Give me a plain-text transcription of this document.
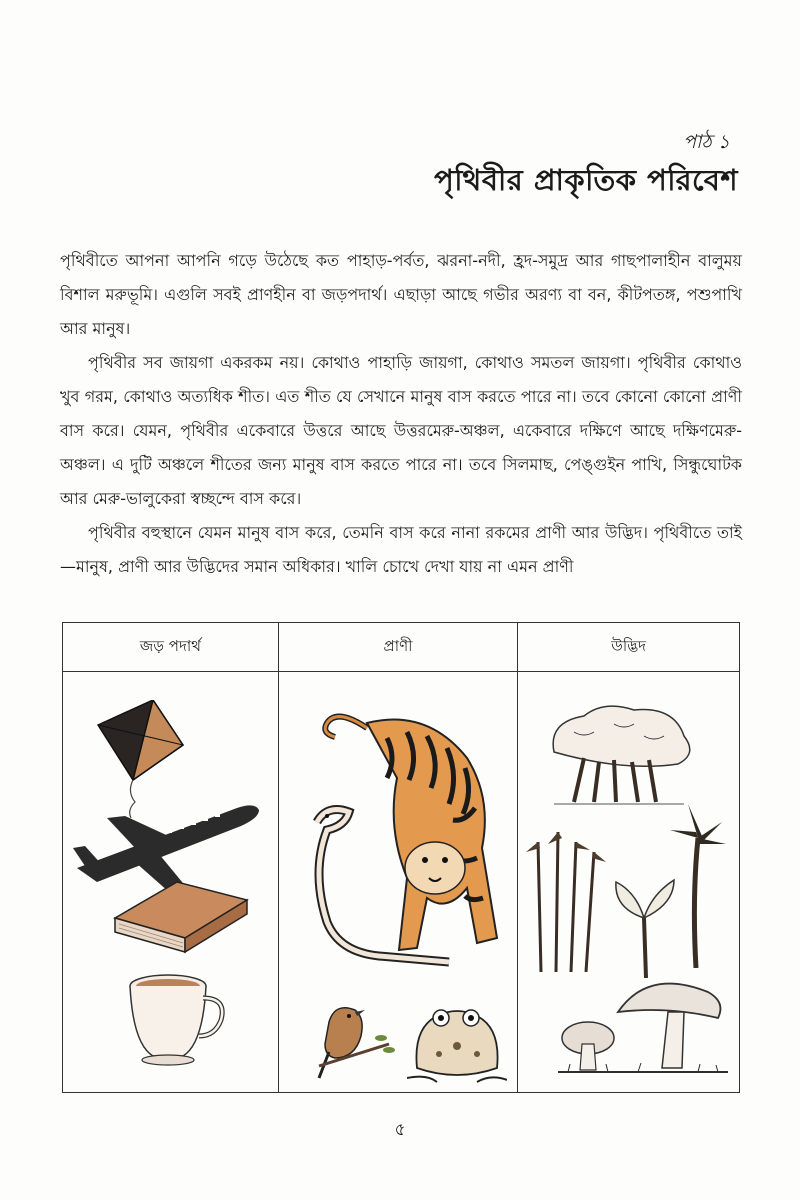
পাঠ ১
পৃথিবীর প্রাকৃতিক পরিবেশ

পৃথিবীতে আপনা আপনি গড়ে উঠেছে কত পাহাড়-পর্বত, ঝরনা-নদী, হ্রদ-সমুদ্র আর গাছপালাহীন বালুময় বিশাল মরুভূমি। এগুলি সবই প্রাণহীন বা জড়পদার্থ। এছাড়া আছে গভীর অরণ্য বা বন, কীটপতঙ্গ, পশুপাখি আর মানুষ।

পৃথিবীর সব জায়গা একরকম নয়। কোথাও পাহাড়ি জায়গা, কোথাও সমতল জায়গা। পৃথিবীর কোথাও খুব গরম, কোথাও অত্যধিক শীত। এত শীত যে সেখানে মানুষ বাস করতে পারে না। তবে কোনো কোনো প্রাণী বাস করে। যেমন, পৃথিবীর একেবারে উত্তরে আছে উত্তরমেরু-অঞ্চল, একেবারে দক্ষিণে আছে দক্ষিণমেরু-অঞ্চল। এ দুটি অঞ্চলে শীতের জন্য মানুষ বাস করতে পারে না। তবে সিলমাছ, পেঙ্গুইন পাখি, সিন্ধুঘোটক আর মেরু-ভালুকেরা স্বচ্ছন্দে বাস করে।

পৃথিবীর বহুস্থানে যেমন মানুষ বাস করে, তেমনি বাস করে নানা রকমের প্রাণী আর উদ্ভিদ। পৃথিবীতে তাই—মানুষ, প্রাণী আর উদ্ভিদের সমান অধিকার। খালি চোখে দেখা যায় না এমন প্রাণী

জড় পদার্থ	প্রাণী	উদ্ভিদ

৫
